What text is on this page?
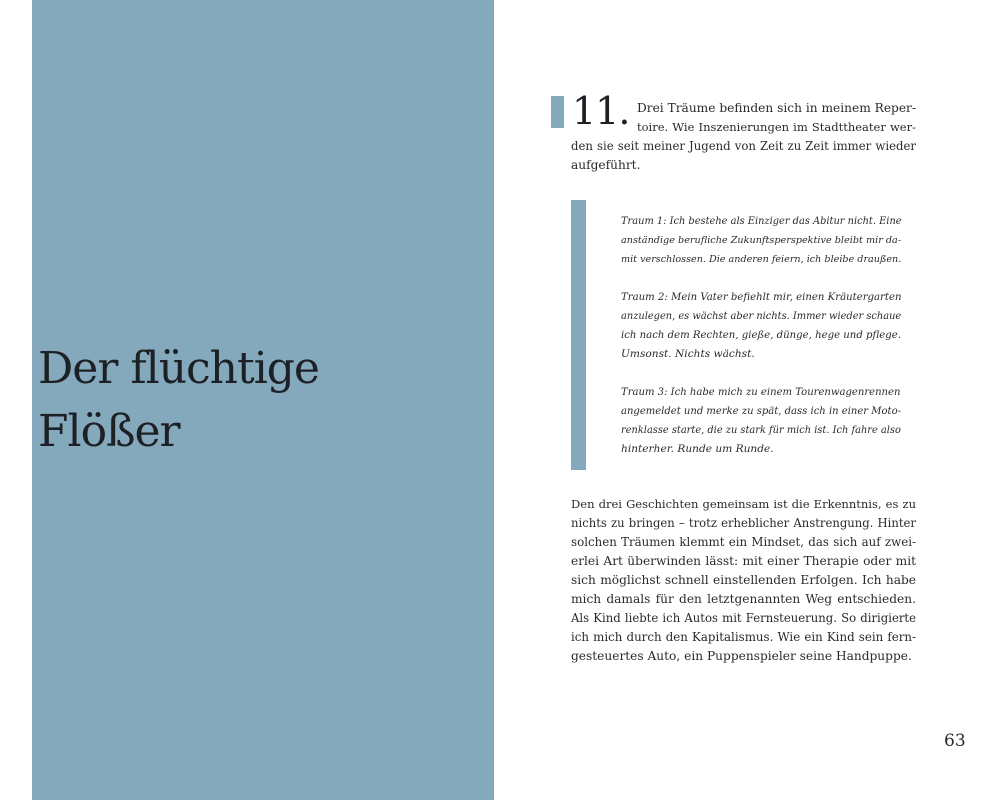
Der flüchtige
Flößer
11. Drei Träume befinden sich in meinem Reper-
toire. Wie Inszenierungen im Stadttheater wer-
den sie seit meiner Jugend von Zeit zu Zeit immer wieder
aufgeführt.
Traum 1: Ich bestehe als Einziger das Abitur nicht. Eine
anständige berufliche Zukunftsperspektive bleibt mir da-
mit verschlossen. Die anderen feiern, ich bleibe draußen.
Traum 2: Mein Vater befiehlt mir, einen Kräutergarten
anzulegen, es wächst aber nichts. Immer wieder schaue
ich nach dem Rechten, gieße, dünge, hege und pflege.
Umsonst. Nichts wächst.
Traum 3: Ich habe mich zu einem Tourenwagenrennen
angemeldet und merke zu spät, dass ich in einer Moto-
renklasse starte, die zu stark für mich ist. Ich fahre also
hinterher. Runde um Runde.
Den drei Geschichten gemeinsam ist die Erkenntnis, es zu
nichts zu bringen – trotz erheblicher Anstrengung. Hinter
solchen Träumen klemmt ein Mindset, das sich auf zwei-
erlei Art überwinden lässt: mit einer Therapie oder mit
sich möglichst schnell einstellenden Erfolgen. Ich habe
mich damals für den letztgenannten Weg entschieden.
Als Kind liebte ich Autos mit Fernsteuerung. So dirigierte
ich mich durch den Kapitalismus. Wie ein Kind sein fern-
gesteuertes Auto, ein Puppenspieler seine Handpuppe.
63
